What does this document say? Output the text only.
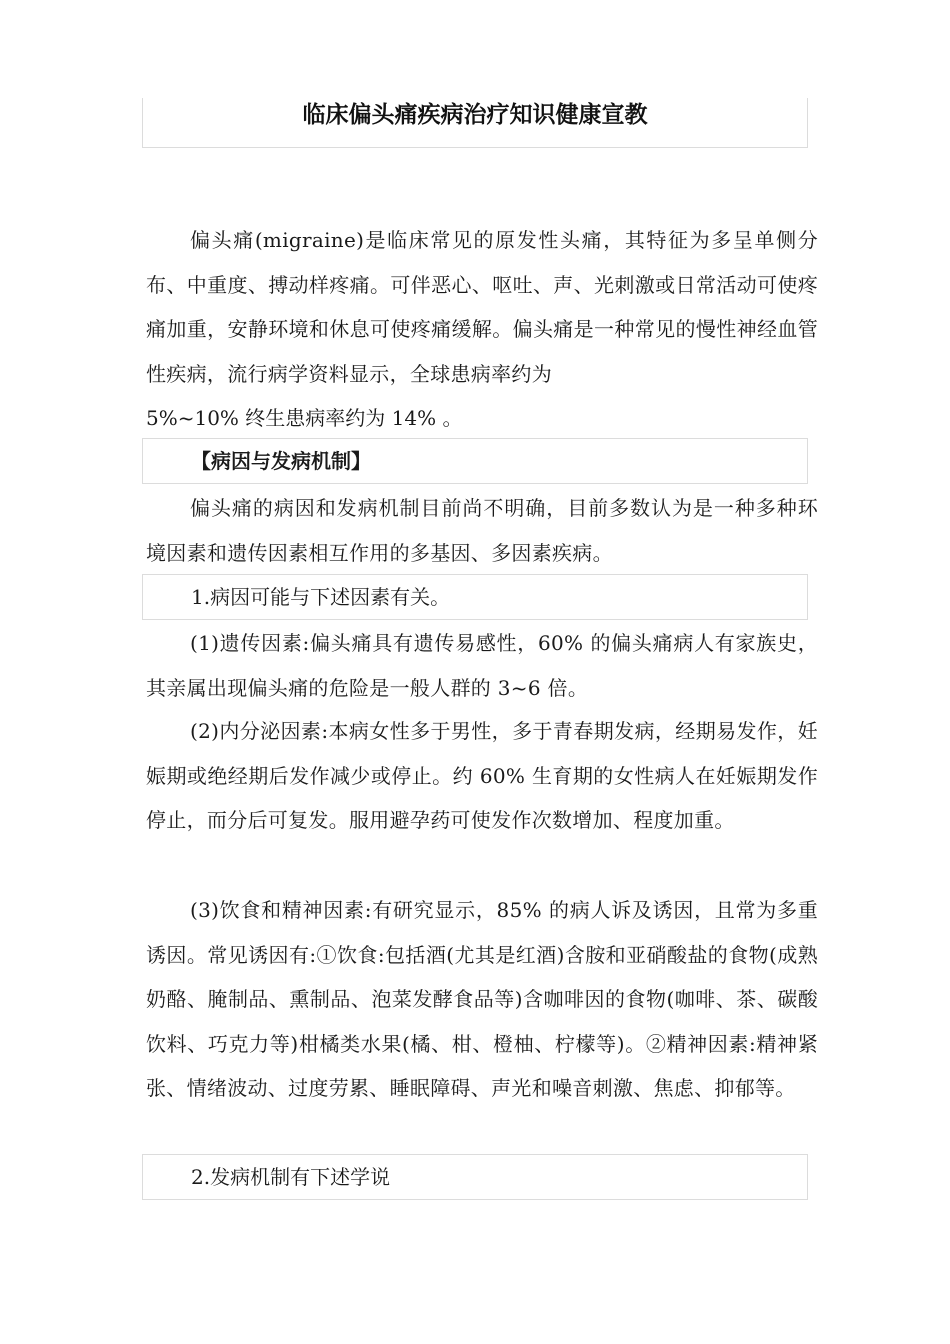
临床偏头痛疾病治疗知识健康宣教

偏头痛(migraine)是临床常见的原发性头痛，其特征为多呈单侧分布、中重度、搏动样疼痛。可伴恶心、呕吐、声、光刺激或日常活动可使疼痛加重，安静环境和休息可使疼痛缓解。偏头痛是一种常见的慢性神经血管性疾病，流行病学资料显示，全球患病率约为

5%~10% 终生患病率约为 14% 。
【病因与发病机制】

偏头痛的病因和发病机制目前尚不明确，目前多数认为是一种多种环境因素和遗传因素相互作用的多基因、多因素疾病。

1.病因可能与下述因素有关。

(1)遗传因素:偏头痛具有遗传易感性，60% 的偏头痛病人有家族史，其亲属出现偏头痛的危险是一般人群的 3~6 倍。

(2)内分泌因素:本病女性多于男性，多于青春期发病，经期易发作，妊娠期或绝经期后发作减少或停止。约 60% 生育期的女性病人在妊娠期发作停止，而分后可复发。服用避孕药可使发作次数增加、程度加重。

(3)饮食和精神因素:有研究显示，85% 的病人诉及诱因，且常为多重诱因。常见诱因有:①饮食:包括酒(尤其是红酒)含胺和亚硝酸盐的食物(成熟奶酪、腌制品、熏制品、泡菜发酵食品等)含咖啡因的食物(咖啡、茶、碳酸饮料、巧克力等)柑橘类水果(橘、柑、橙柚、柠檬等)。②精神因素:精神紧张、情绪波动、过度劳累、睡眠障碍、声光和噪音刺激、焦虑、抑郁等。

2.发病机制有下述学说
